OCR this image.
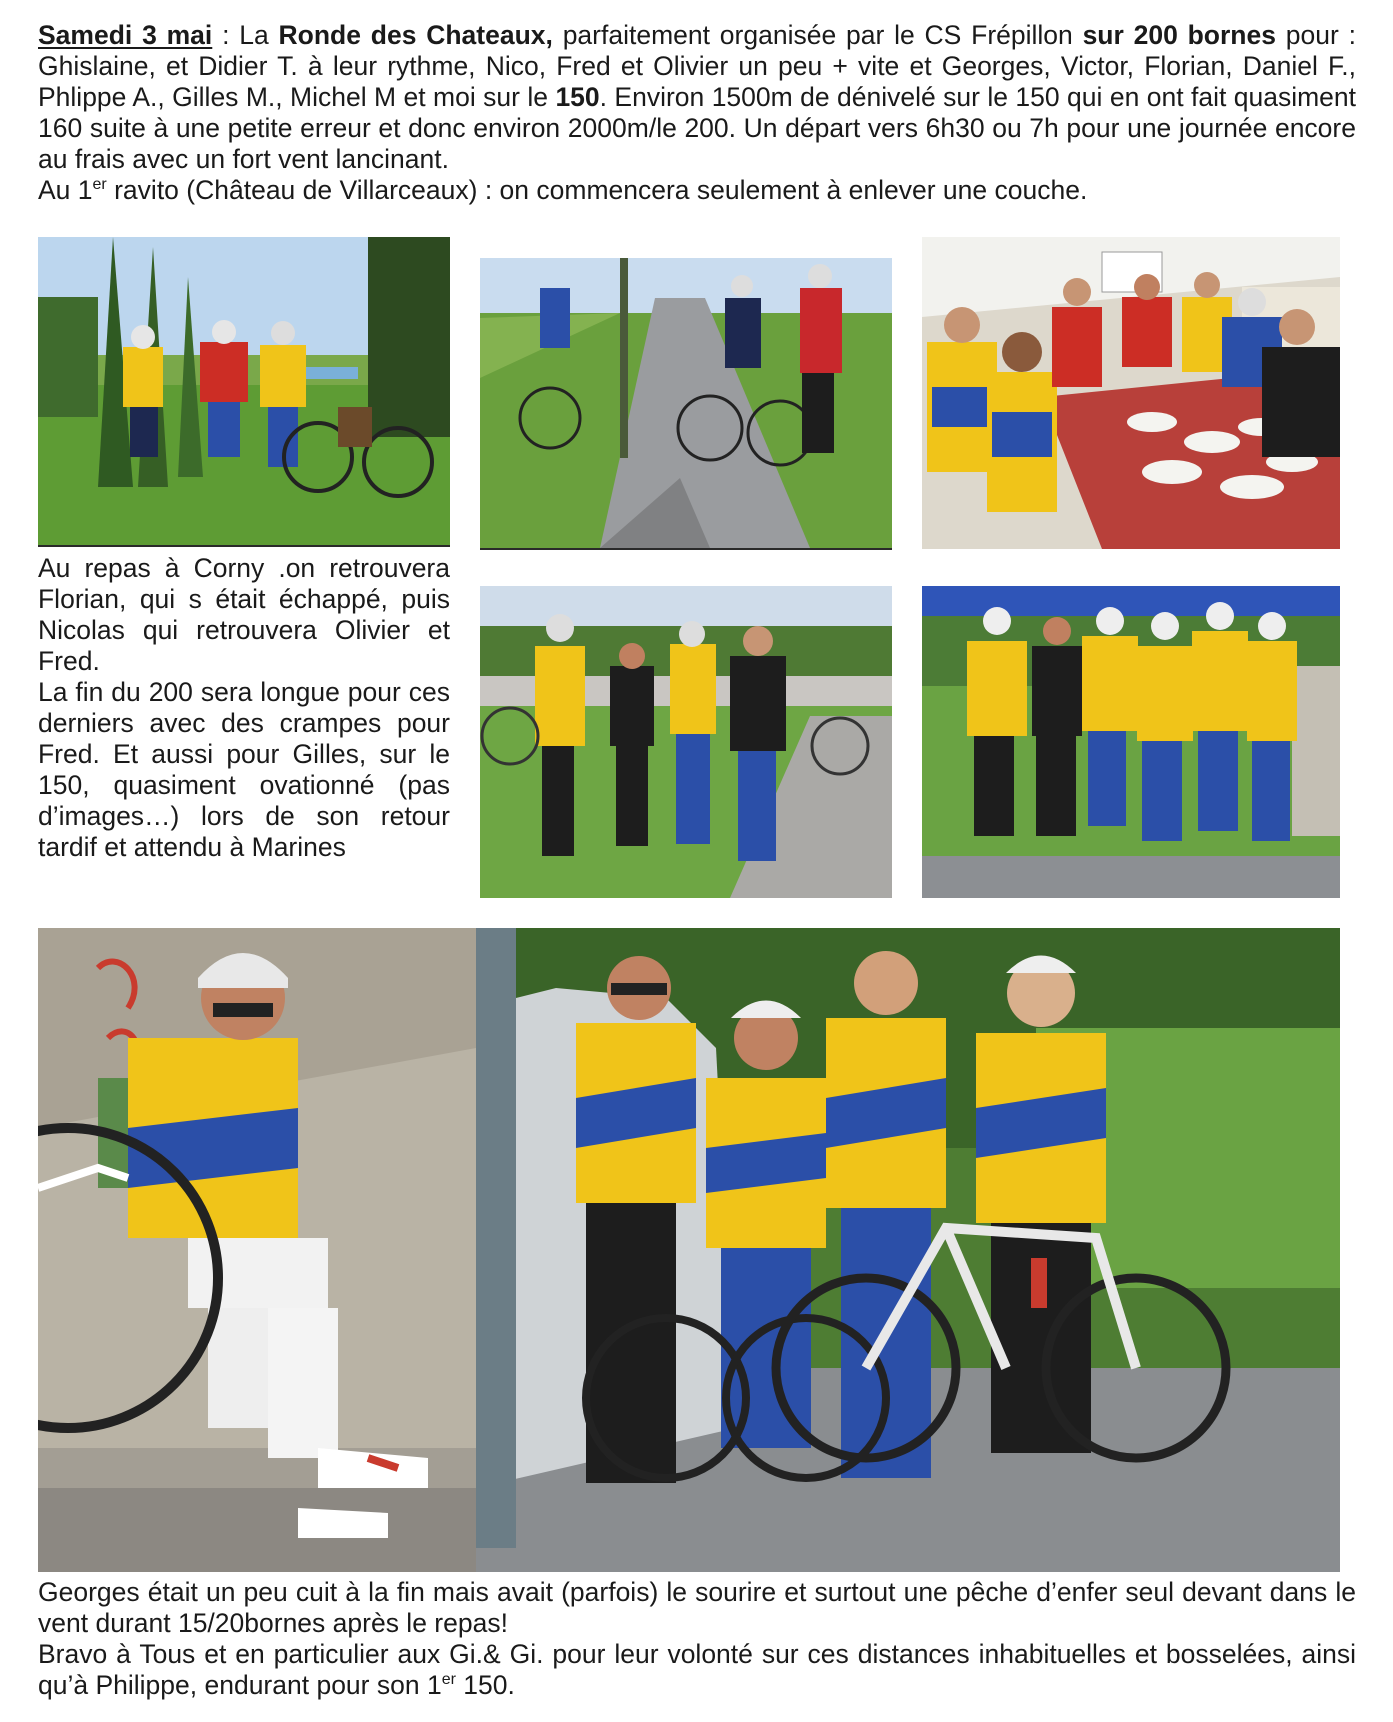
Samedi 3 mai : La Ronde des Chateaux, parfaitement organisée par le CS Frépillon sur 200 bornes pour : Ghislaine, et Didier T. à leur rythme, Nico, Fred et Olivier un peu + vite et Georges, Victor, Florian, Daniel F., Phlippe A., Gilles M., Michel M et moi sur le 150. Environ 1500m de dénivelé sur le 150 qui en ont fait quasiment 160 suite à une petite erreur et donc environ 2000m/le 200. Un départ vers 6h30 ou 7h pour une journée encore au frais avec un fort vent lancinant.
Au 1er ravito (Château de Villarceaux) : on commencera seulement à enlever une couche.

Au repas à Corny .on retrouvera Florian, qui s était échappé, puis Nicolas qui retrouvera Olivier et Fred.

La fin du 200 sera longue pour ces derniers avec des crampes pour Fred. Et aussi pour Gilles, sur le 150, quasiment ovationné (pas d’images…) lors de son retour tardif et attendu à Marines

Georges était un peu cuit à la fin mais avait (parfois) le sourire et surtout une pêche d’enfer seul devant dans le vent durant 15/20bornes après le repas!

Bravo à Tous et en particulier aux Gi.& Gi. pour leur volonté sur ces distances inhabituelles et bosselées, ainsi qu’à Philippe, endurant pour son 1er 150.
